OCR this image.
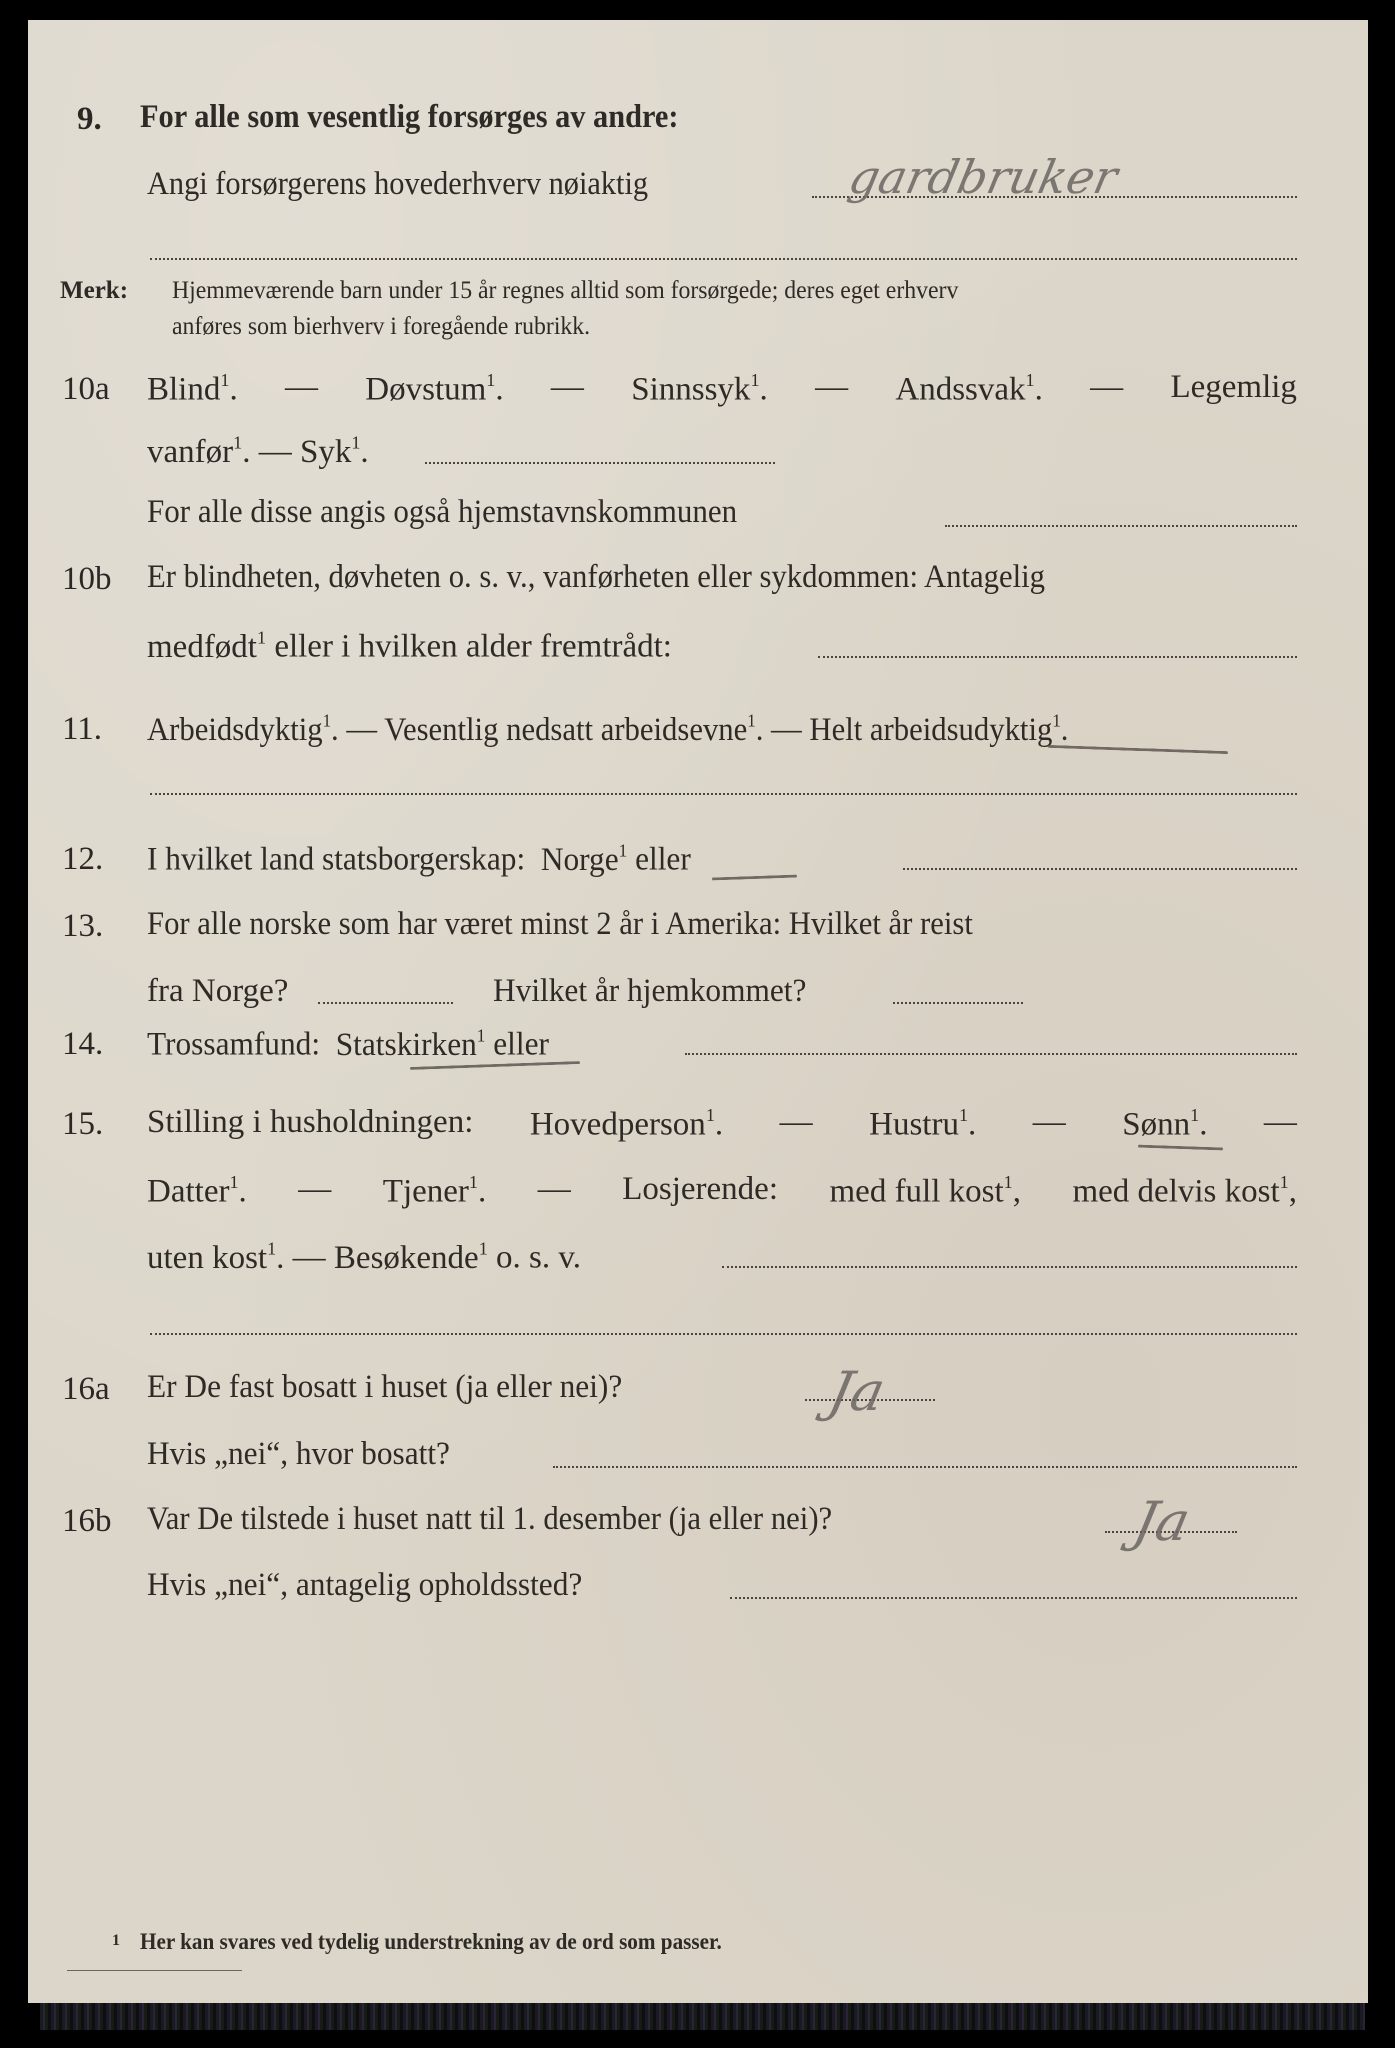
9. For alle som vesentlig forsørges av andre:
Angi forsørgerens hovederhverv nøiaktig	gardbruker
Merk: Hjemmeværende barn under 15 år regnes alltid som forsørgede; deres eget erhverv
anføres som bierhverv i foregående rubrikk.
10a Blind$^1$. — Døvstum$^1$. — Sinnssyk$^1$. — Andssvak$^1$. — Legemlig
vanfør$^1$. — Syk$^1$.
For alle disse angis også hjemstavnskommunen
10b Er blindheten, døvheten o. s. v., vanførheten eller sykdommen: Antagelig
medfødt$^1$ eller i hvilken alder fremtrådt:
11. Arbeidsdyktig$^1$. — Vesentlig nedsatt arbeidsevne$^1$. — Helt arbeidsudyktig$^1$.
12. I hvilket land statsborgerskap: Norge$^1$ eller
13. For alle norske som har været minst 2 år i Amerika: Hvilket år reist
fra Norge?	Hvilket år hjemkommet?
14. Trossamfund: Statskirken$^1$ eller
15. Stilling i husholdningen: Hovedperson$^1$. — Hustru$^1$. — Sønn$^1$. —
Datter$^1$. — Tjener$^1$. — Losjerende: med full kost$^1$, med delvis kost$^1$,
uten kost$^1$. — Besøkende$^1$ o. s. v.
16a Er De fast bosatt i huset (ja eller nei)?	Ja
Hvis „nei“, hvor bosatt?
16b Var De tilstede i huset natt til 1. desember (ja eller nei)?	Ja
Hvis „nei“, antagelig opholdssted?
1 Her kan svares ved tydelig understrekning av de ord som passer.
